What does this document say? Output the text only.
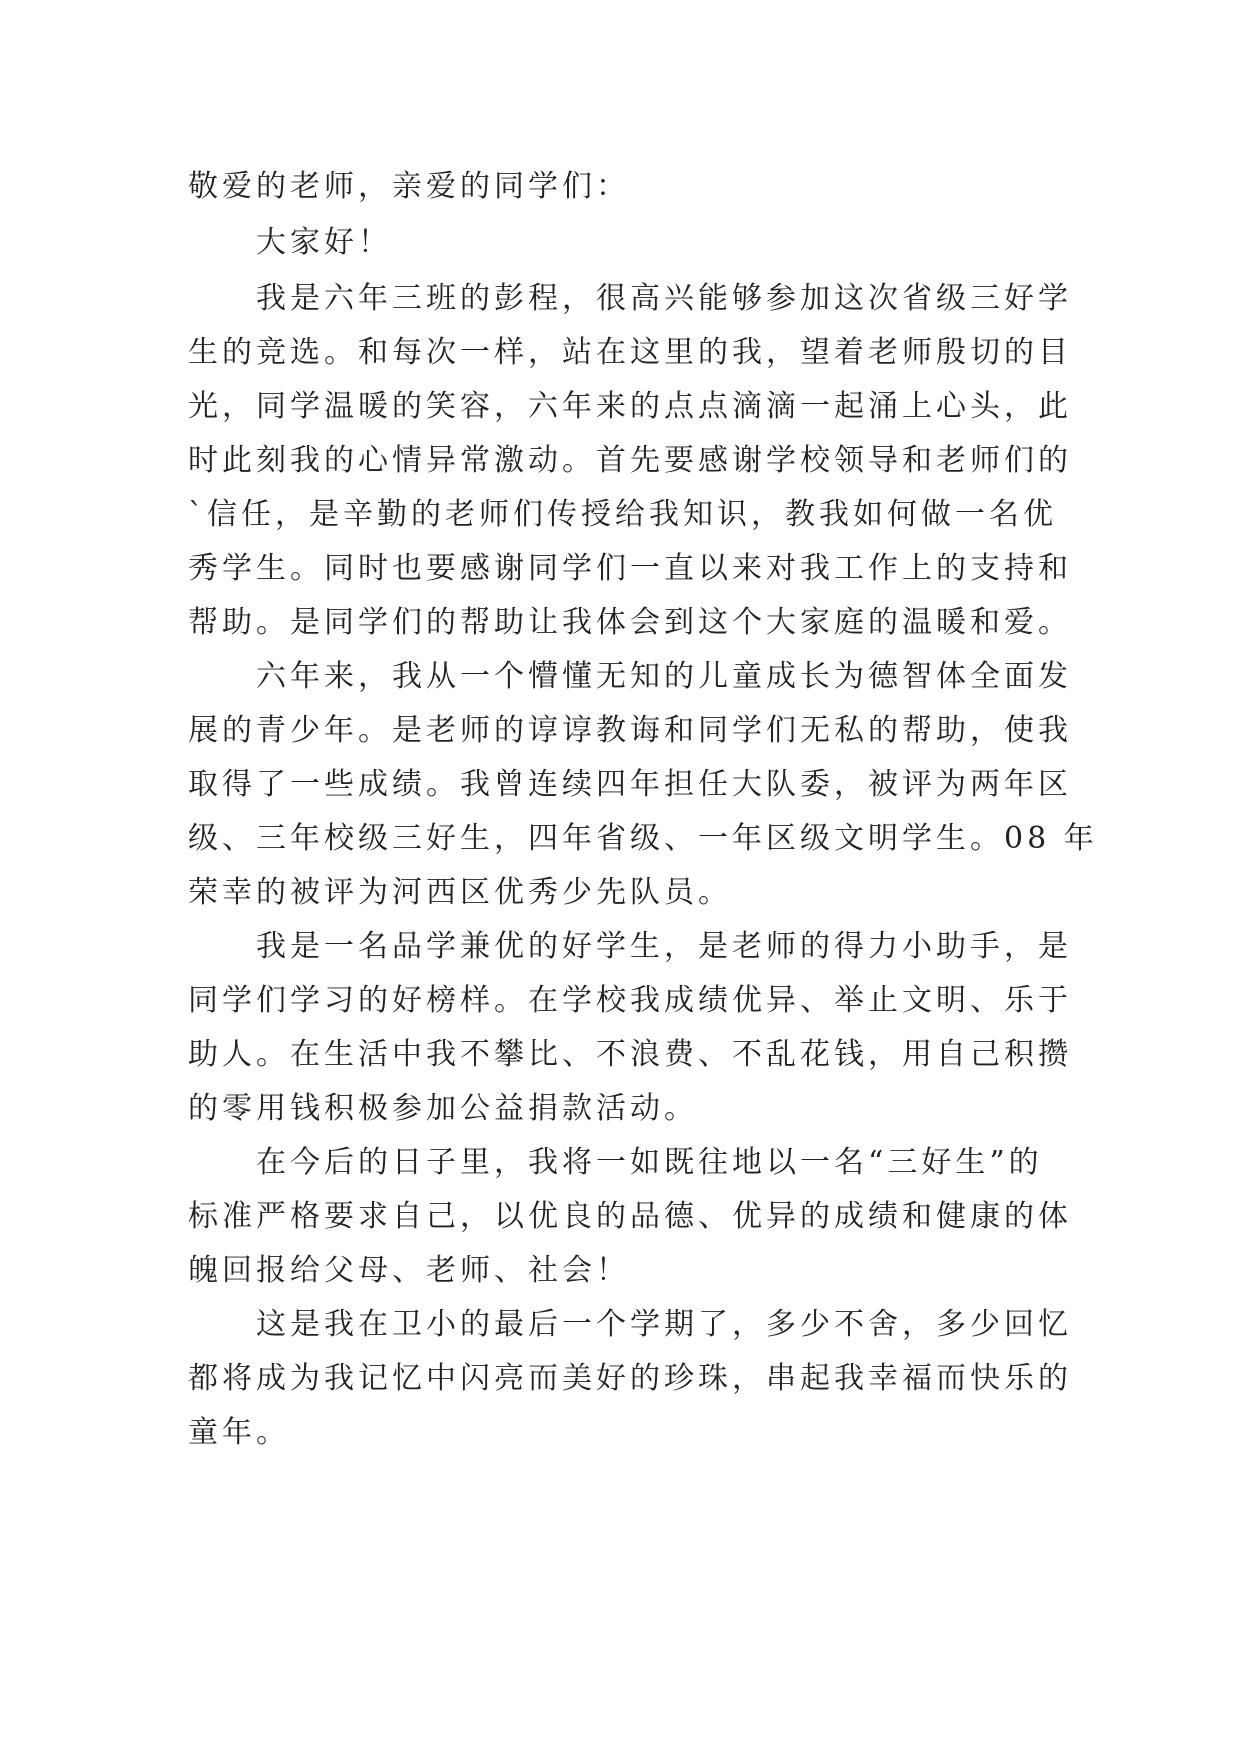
敬爱的老师，亲爱的同学们：
大家好！
我是六年三班的彭程，很高兴能够参加这次省级三好学
生的竞选。和每次一样，站在这里的我，望着老师殷切的目
光，同学温暖的笑容，六年来的点点滴滴一起涌上心头，此
时此刻我的心情异常激动。首先要感谢学校领导和老师们的
`信任，是辛勤的老师们传授给我知识，教我如何做一名优
秀学生。同时也要感谢同学们一直以来对我工作上的支持和
帮助。是同学们的帮助让我体会到这个大家庭的温暖和爱。
六年来，我从一个懵懂无知的儿童成长为德智体全面发
展的青少年。是老师的谆谆教诲和同学们无私的帮助，使我
取得了一些成绩。我曾连续四年担任大队委，被评为两年区
级、三年校级三好生，四年省级、一年区级文明学生。08 年
荣幸的被评为河西区优秀少先队员。
我是一名品学兼优的好学生，是老师的得力小助手，是
同学们学习的好榜样。在学校我成绩优异、举止文明、乐于
助人。在生活中我不攀比、不浪费、不乱花钱，用自己积攒
的零用钱积极参加公益捐款活动。
在今后的日子里，我将一如既往地以一名“三好生”的
标准严格要求自己，以优良的品德、优异的成绩和健康的体
魄回报给父母、老师、社会！
这是我在卫小的最后一个学期了，多少不舍，多少回忆
都将成为我记忆中闪亮而美好的珍珠，串起我幸福而快乐的
童年。
